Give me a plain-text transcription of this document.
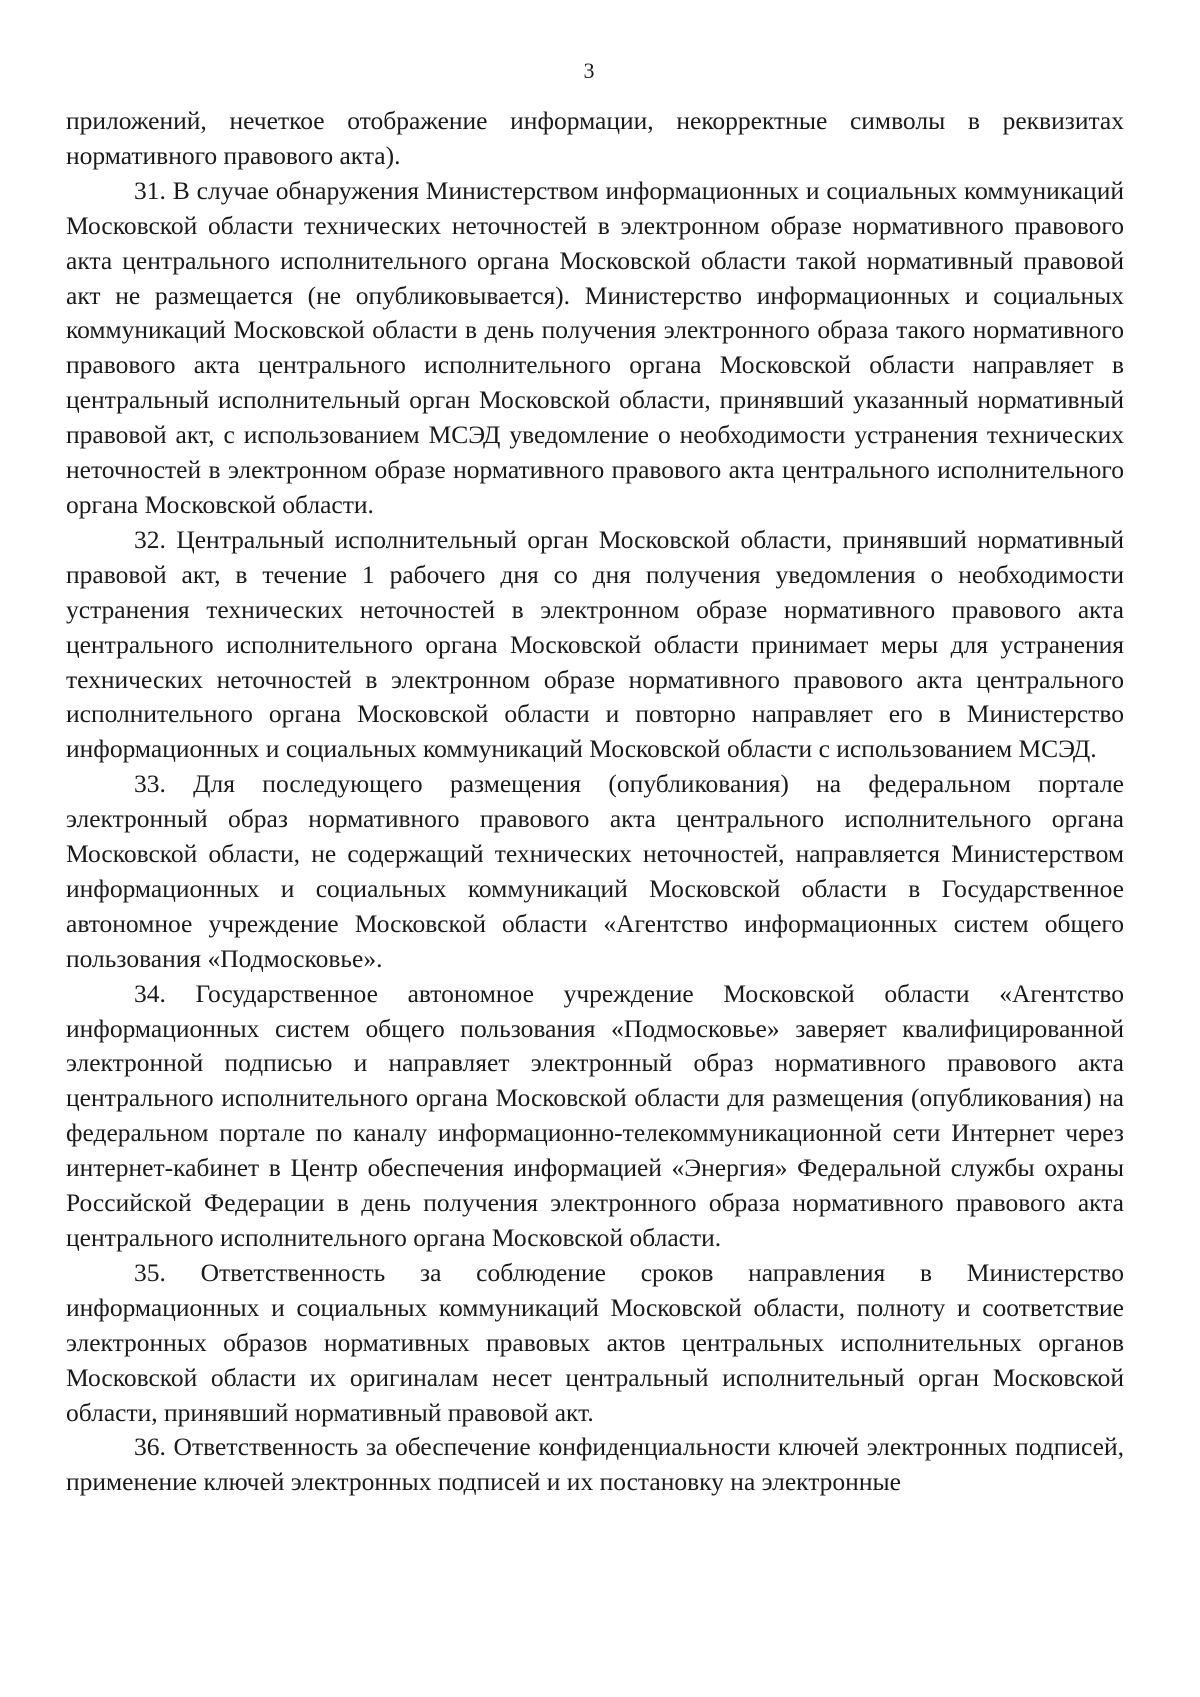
3

приложений, нечеткое отображение информации, некорректные символы в реквизитах нормативного правового акта).

31. В случае обнаружения Министерством информационных и социальных коммуникаций Московской области технических неточностей в электронном образе нормативного правового акта центрального исполнительного органа Московской области такой нормативный правовой акт не размещается (не опубликовывается). Министерство информационных и социальных коммуникаций Московской области в день получения электронного образа такого нормативного правового акта центрального исполнительного органа Московской области направляет в центральный исполнительный орган Московской области, принявший указанный нормативный правовой акт, с использованием МСЭД уведомление о необходимости устранения технических неточностей в электронном образе нормативного правового акта центрального исполнительного органа Московской области.

32. Центральный исполнительный орган Московской области, принявший нормативный правовой акт, в течение 1 рабочего дня со дня получения уведомления о необходимости устранения технических неточностей в электронном образе нормативного правового акта центрального исполнительного органа Московской области принимает меры для устранения технических неточностей в электронном образе нормативного правового акта центрального исполнительного органа Московской области и повторно направляет его в Министерство информационных и социальных коммуникаций Московской области с использованием МСЭД.

33. Для последующего размещения (опубликования) на федеральном портале электронный образ нормативного правового акта центрального исполнительного органа Московской области, не содержащий технических неточностей, направляется Министерством информационных и социальных коммуникаций Московской области в Государственное автономное учреждение Московской области «Агентство информационных систем общего пользования «Подмосковье».

34. Государственное автономное учреждение Московской области «Агентство информационных систем общего пользования «Подмосковье» заверяет квалифицированной электронной подписью и направляет электронный образ нормативного правового акта центрального исполнительного органа Московской области для размещения (опубликования) на федеральном портале по каналу информационно-телекоммуникационной сети Интернет через интернет-кабинет в Центр обеспечения информацией «Энергия» Федеральной службы охраны Российской Федерации в день получения электронного образа нормативного правового акта центрального исполнительного органа Московской области.

35. Ответственность за соблюдение сроков направления в Министерство информационных и социальных коммуникаций Московской области, полноту и соответствие электронных образов нормативных правовых актов центральных исполнительных органов Московской области их оригиналам несет центральный исполнительный орган Московской области, принявший нормативный правовой акт.

36. Ответственность за обеспечение конфиденциальности ключей электронных подписей, применение ключей электронных подписей и их постановку на электронные
